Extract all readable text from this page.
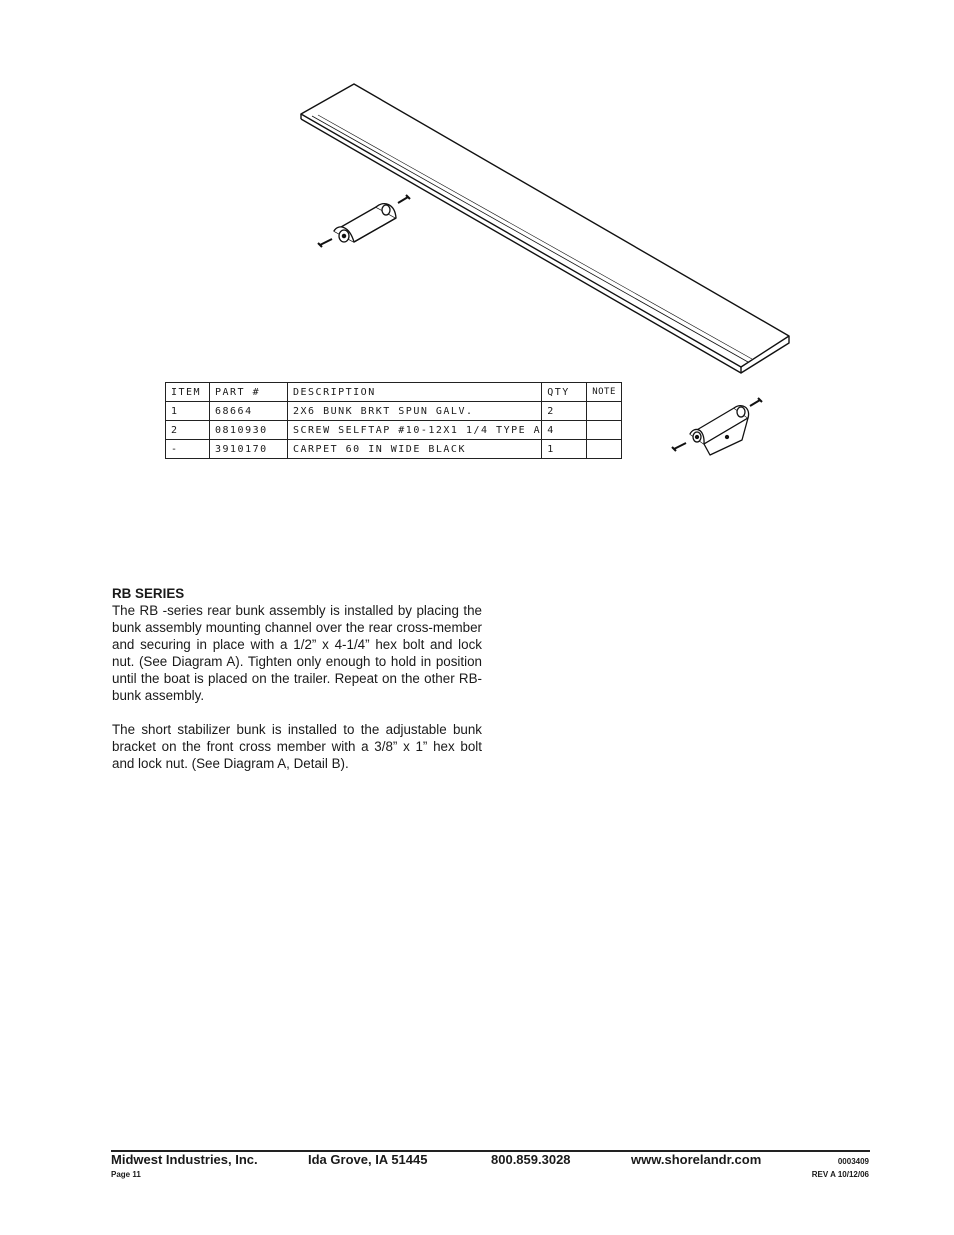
ITEM	PART #	DESCRIPTION	QTY	NOTE
1	68664	2X6 BUNK BRKT SPUN GALV.	2	
2	0810930	SCREW SELFTAP #10-12X1 1/4 TYPE A	4	
-	3910170	CARPET 60 IN WIDE BLACK	1	
RB SERIES

The RB -series rear bunk assembly is installed by placing the bunk assembly mounting channel over the rear cross-member and securing in place with a 1/2” x 4-1/4” hex bolt and lock nut. (See Diagram A). Tighten only enough to hold in position until the boat is placed on the trailer. Repeat on the other RB-bunk assembly.

The short stabilizer bunk is installed to the adjustable bunk bracket on the front cross member with a 3/8” x 1” hex bolt and lock nut. (See Diagram A, Detail B).

Midwest Industries, Inc.	Ida Grove, IA 51445	800.859.3028	www.shorelandr.com
Page 11
0003409
REV A 10/12/06
